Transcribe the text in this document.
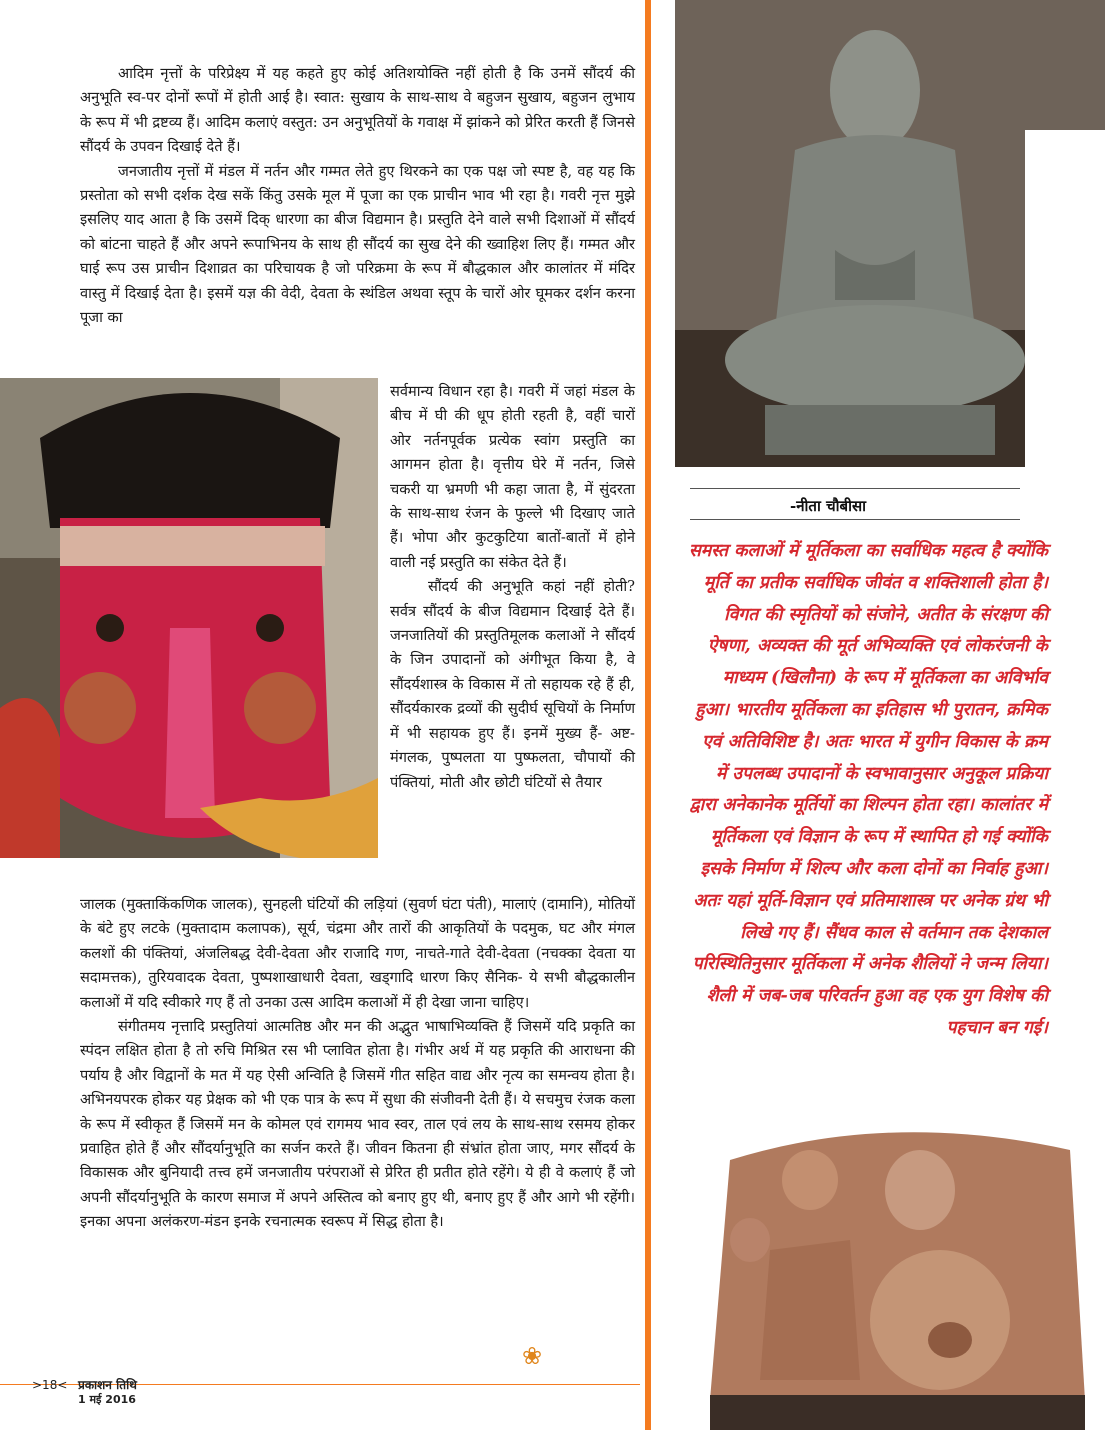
आदिम नृत्तों के परिप्रेक्ष्य में यह कहते हुए कोई अतिशयोक्ति नहीं होती है कि उनमें सौंदर्य की अनुभूति स्व-पर दोनों रूपों में होती आई है। स्वात: सुखाय के साथ-साथ वे बहुजन सुखाय, बहुजन लुभाय के रूप में भी द्रष्टव्य हैं। आदिम कलाएं वस्तुत: उन अनुभूतियों के गवाक्ष में झांकने को प्रेरित करती हैं जिनसे सौंदर्य के उपवन दिखाई देते हैं।

जनजातीय नृत्तों में मंडल में नर्तन और गम्मत लेते हुए थिरकने का एक पक्ष जो स्पष्ट है, वह यह कि प्रस्तोता को सभी दर्शक देख सकें किंतु उसके मूल में पूजा का एक प्राचीन भाव भी रहा है। गवरी नृत्त मुझे इसलिए याद आता है कि उसमें दिक् धारणा का बीज विद्यमान है। प्रस्तुति देने वाले सभी दिशाओं में सौंदर्य को बांटना चाहते हैं और अपने रूपाभिनय के साथ ही सौंदर्य का सुख देने की ख्वाहिश लिए हैं। गम्मत और घाई रूप उस प्राचीन दिशाव्रत का परिचायक है जो परिक्रमा के रूप में बौद्धकाल और कालांतर में मंदिर वास्तु में दिखाई देता है। इसमें यज्ञ की वेदी, देवता के स्थंडिल अथवा स्तूप के चारों ओर घूमकर दर्शन करना पूजा का

सर्वमान्य विधान रहा है। गवरी में जहां मंडल के बीच में घी की धूप होती रहती है, वहीं चारों ओर नर्तनपूर्वक प्रत्येक स्वांग प्रस्तुति का आगमन होता है। वृत्तीय घेरे में नर्तन, जिसे चकरी या भ्रमणी भी कहा जाता है, में सुंदरता के साथ-साथ रंजन के फुल्ले भी दिखाए जाते हैं। भोपा और कुटकुटिया बातों-बातों में होने वाली नई प्रस्तुति का संकेत देते हैं।

सौंदर्य की अनुभूति कहां नहीं होती? सर्वत्र सौंदर्य के बीज विद्यमान दिखाई देते हैं। जनजातियों की प्रस्तुतिमूलक कलाओं ने सौंदर्य के जिन उपादानों को अंगीभूत किया है, वे सौंदर्यशास्त्र के विकास में तो सहायक रहे हैं ही, सौंदर्यकारक द्रव्यों की सुदीर्घ सूचियों के निर्माण में भी सहायक हुए हैं। इनमें मुख्य हैं- अष्ट-मंगलक, पुष्पलता या पुष्फलता, चौपायों की पंक्तियां, मोती और छोटी घंटियों से तैयार

जालक (मुक्ताकिंकणिक जालक), सुनहली घंटियों की लड़ियां (सुवर्ण घंटा पंती), मालाएं (दामानि), मोतियों के बंटे हुए लटके (मुक्तादाम कलापक), सूर्य, चंद्रमा और तारों की आकृतियों के पदमुक, घट और मंगल कलशों की पंक्तियां, अंजलिबद्ध देवी-देवता और राजादि गण, नाचते-गाते देवी-देवता (नचक्का देवता या सदामत्तक), तुरियवादक देवता, पुष्पशाखाधारी देवता, खड्गादि धारण किए सैनिक- ये सभी बौद्धकालीन कलाओं में यदि स्वीकारे गए हैं तो उनका उत्स आदिम कलाओं में ही देखा जाना चाहिए।

संगीतमय नृत्तादि प्रस्तुतियां आत्मतिष्ठ और मन की अद्भुत भाषाभिव्यक्ति हैं जिसमें यदि प्रकृति का स्पंदन लक्षित होता है तो रुचि मिश्रित रस भी प्लावित होता है। गंभीर अर्थ में यह प्रकृति की आराधना की पर्याय है और विद्वानों के मत में यह ऐसी अन्विति है जिसमें गीत सहित वाद्य और नृत्य का समन्वय होता है। अभिनयपरक होकर यह प्रेक्षक को भी एक पात्र के रूप में सुधा की संजीवनी देती हैं। ये सचमुच रंजक कला के रूप में स्वीकृत हैं जिसमें मन के कोमल एवं रागमय भाव स्वर, ताल एवं लय के साथ-साथ रसमय होकर प्रवाहित होते हैं और सौंदर्यानुभूति का सर्जन करते हैं। जीवन कितना ही संभ्रांत होता जाए, मगर सौंदर्य के विकासक और बुनियादी तत्त्व हमें जनजातीय परंपराओं से प्रेरित ही प्रतीत होते रहेंगे। ये ही वे कलाएं हैं जो अपनी सौंदर्यानुभूति के कारण समाज में अपने अस्तित्व को बनाए हुए थी, बनाए हुए हैं और आगे भी रहेंगी। इनका अपना अलंकरण-मंडन इनके रचनात्मक स्वरूप में सिद्ध होता है।

❀
-नीता चौबीसा
समस्त कलाओं में मूर्तिकला का सर्वाधिक महत्व है क्योंकि मूर्ति का प्रतीक सर्वाधिक जीवंत व शक्तिशाली होता है। विगत की स्मृतियों को संजोने, अतीत के संरक्षण की ऐषणा, अव्यक्त की मूर्त अभिव्यक्ति एवं लोकरंजनी के माध्यम (खिलौना) के रूप में मूर्तिकला का अविर्भाव हुआ। भारतीय मूर्तिकला का इतिहास भी पुरातन, क्रमिक एवं अतिविशिष्ट है। अतः भारत में युगीन विकास के क्रम में उपलब्ध उपादानों के स्वभावानुसार अनुकूल प्रक्रिया द्वारा अनेकानेक मूर्तियों का शिल्पन होता रहा। कालांतर में मूर्तिकला एवं विज्ञान के रूप में स्थापित हो गई क्योंकि इसके निर्माण में शिल्प और कला दोनों का निर्वाह हुआ। अतः यहां मूर्ति-विज्ञान एवं प्रतिमाशास्त्र पर अनेक ग्रंथ भी लिखे गए हैं। सैंधव काल से वर्तमान तक देशकाल परिस्थितिनुसार मूर्तिकला में अनेक शैलियों ने जन्म लिया। शैली में जब-जब परिवर्तन हुआ वह एक युग विशेष की पहचान बन गई।
>18< प्रकाशन तिथि
1 मई 2016
